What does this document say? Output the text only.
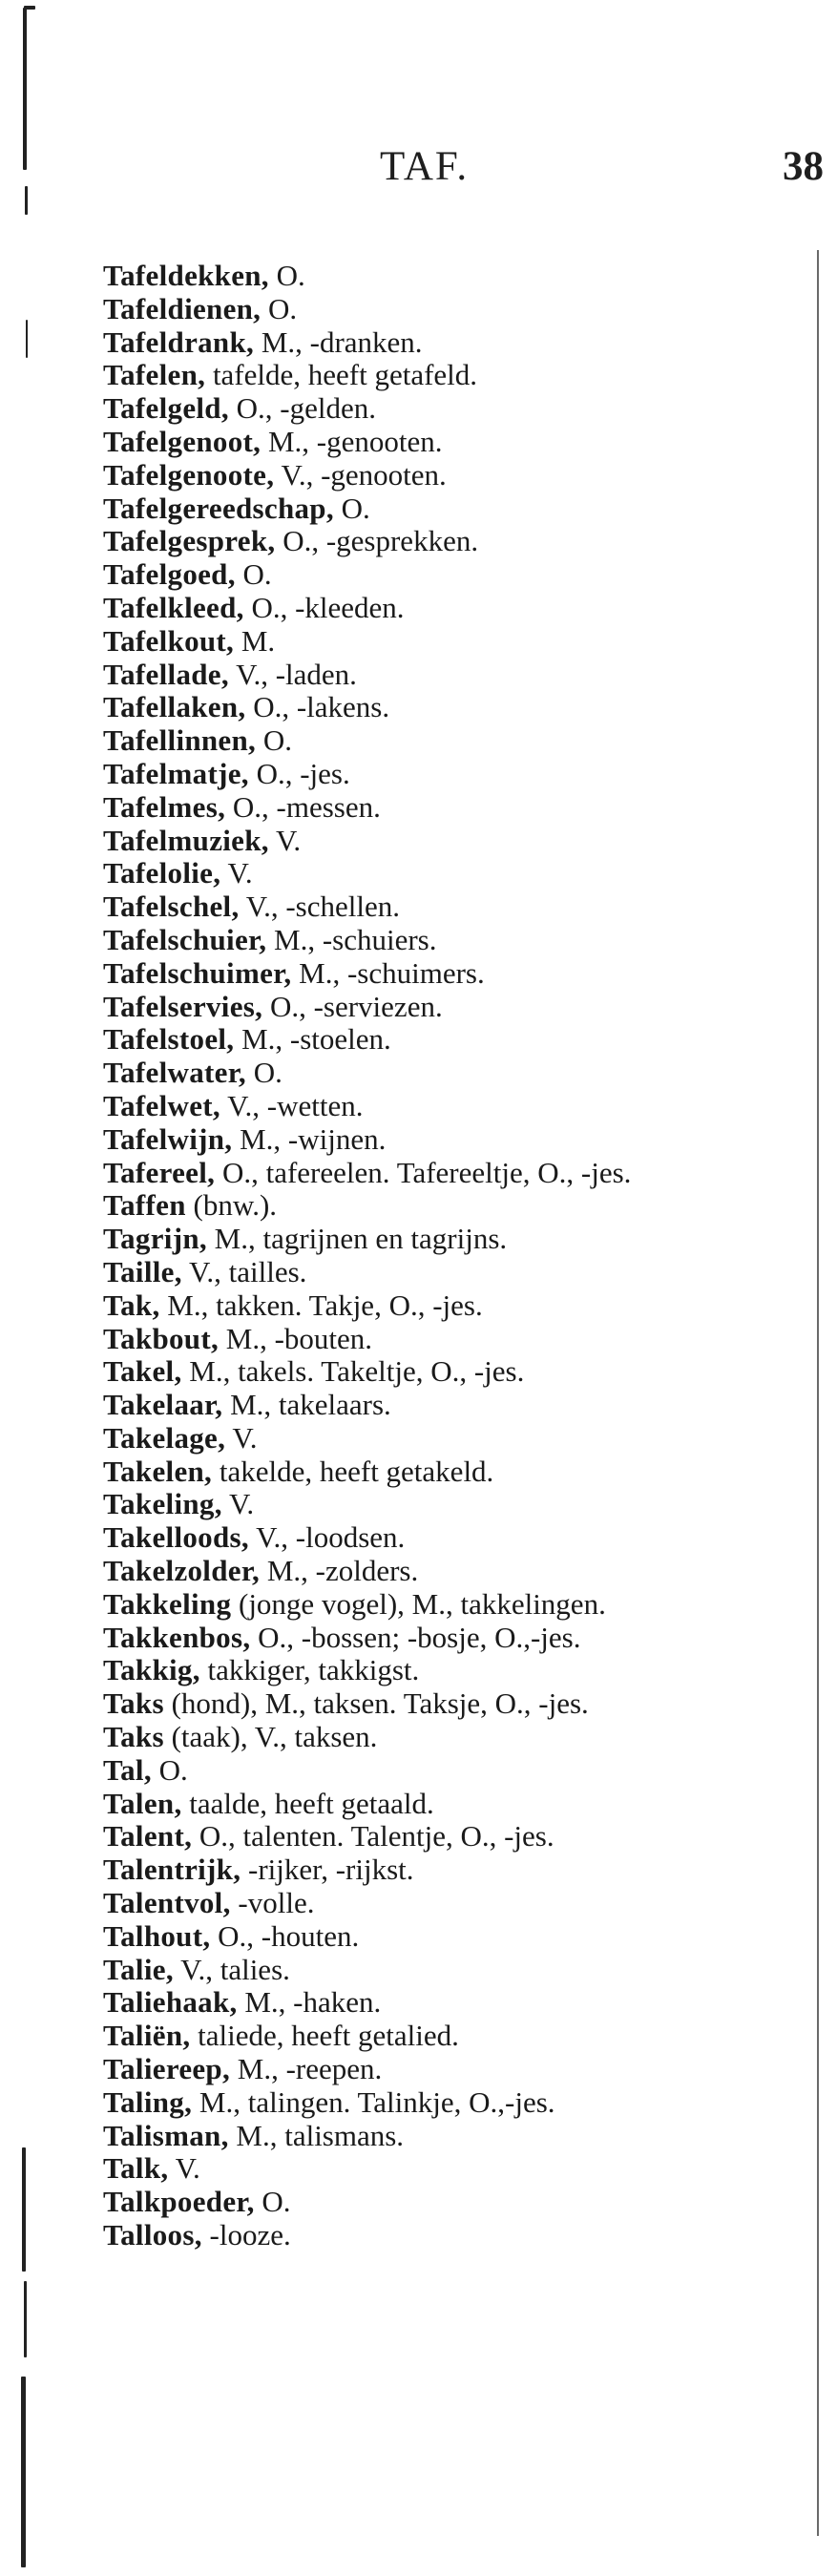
TAF.	38
Tafeldekken, O.
Tafeldienen, O.
Tafeldrank, M., -dranken.
Tafelen, tafelde, heeft getafeld.
Tafelgeld, O., -gelden.
Tafelgenoot, M., -genooten.
Tafelgenoote, V., -genooten.
Tafelgereedschap, O.
Tafelgesprek, O., -gesprekken.
Tafelgoed, O.
Tafelkleed, O., -kleeden.
Tafelkout, M.
Tafellade, V., -laden.
Tafellaken, O., -lakens.
Tafellinnen, O.
Tafelmatje, O., -jes.
Tafelmes, O., -messen.
Tafelmuziek, V.
Tafelolie, V.
Tafelschel, V., -schellen.
Tafelschuier, M., -schuiers.
Tafelschuimer, M., -schuimers.
Tafelservies, O., -serviezen.
Tafelstoel, M., -stoelen.
Tafelwater, O.
Tafelwet, V., -wetten.
Tafelwijn, M., -wijnen.
Tafereel, O., tafereelen. Tafereeltje, O., -jes.
Taffen (bnw.).
Tagrijn, M., tagrijnen en tagrijns.
Taille, V., tailles.
Tak, M., takken. Takje, O., -jes.
Takbout, M., -bouten.
Takel, M., takels. Takeltje, O., -jes.
Takelaar, M., takelaars.
Takelage, V.
Takelen, takelde, heeft getakeld.
Takeling, V.
Takelloods, V., -loodsen.
Takelzolder, M., -zolders.
Takkeling (jonge vogel), M., takkelingen.
Takkenbos, O., -bossen; -bosje, O.,-jes.
Takkig, takkiger, takkigst.
Taks (hond), M., taksen. Taksje, O., -jes.
Taks (taak), V., taksen.
Tal, O.
Talen, taalde, heeft getaald.
Talent, O., talenten. Talentje, O., -jes.
Talentrijk, -rijker, -rijkst.
Talentvol, -volle.
Talhout, O., -houten.
Talie, V., talies.
Taliehaak, M., -haken.
Taliën, taliede, heeft getalied.
Taliereep, M., -reepen.
Taling, M., talingen. Talinkje, O.,-jes.
Talisman, M., talismans.
Talk, V.
Talkpoeder, O.
Talloos, -looze.
